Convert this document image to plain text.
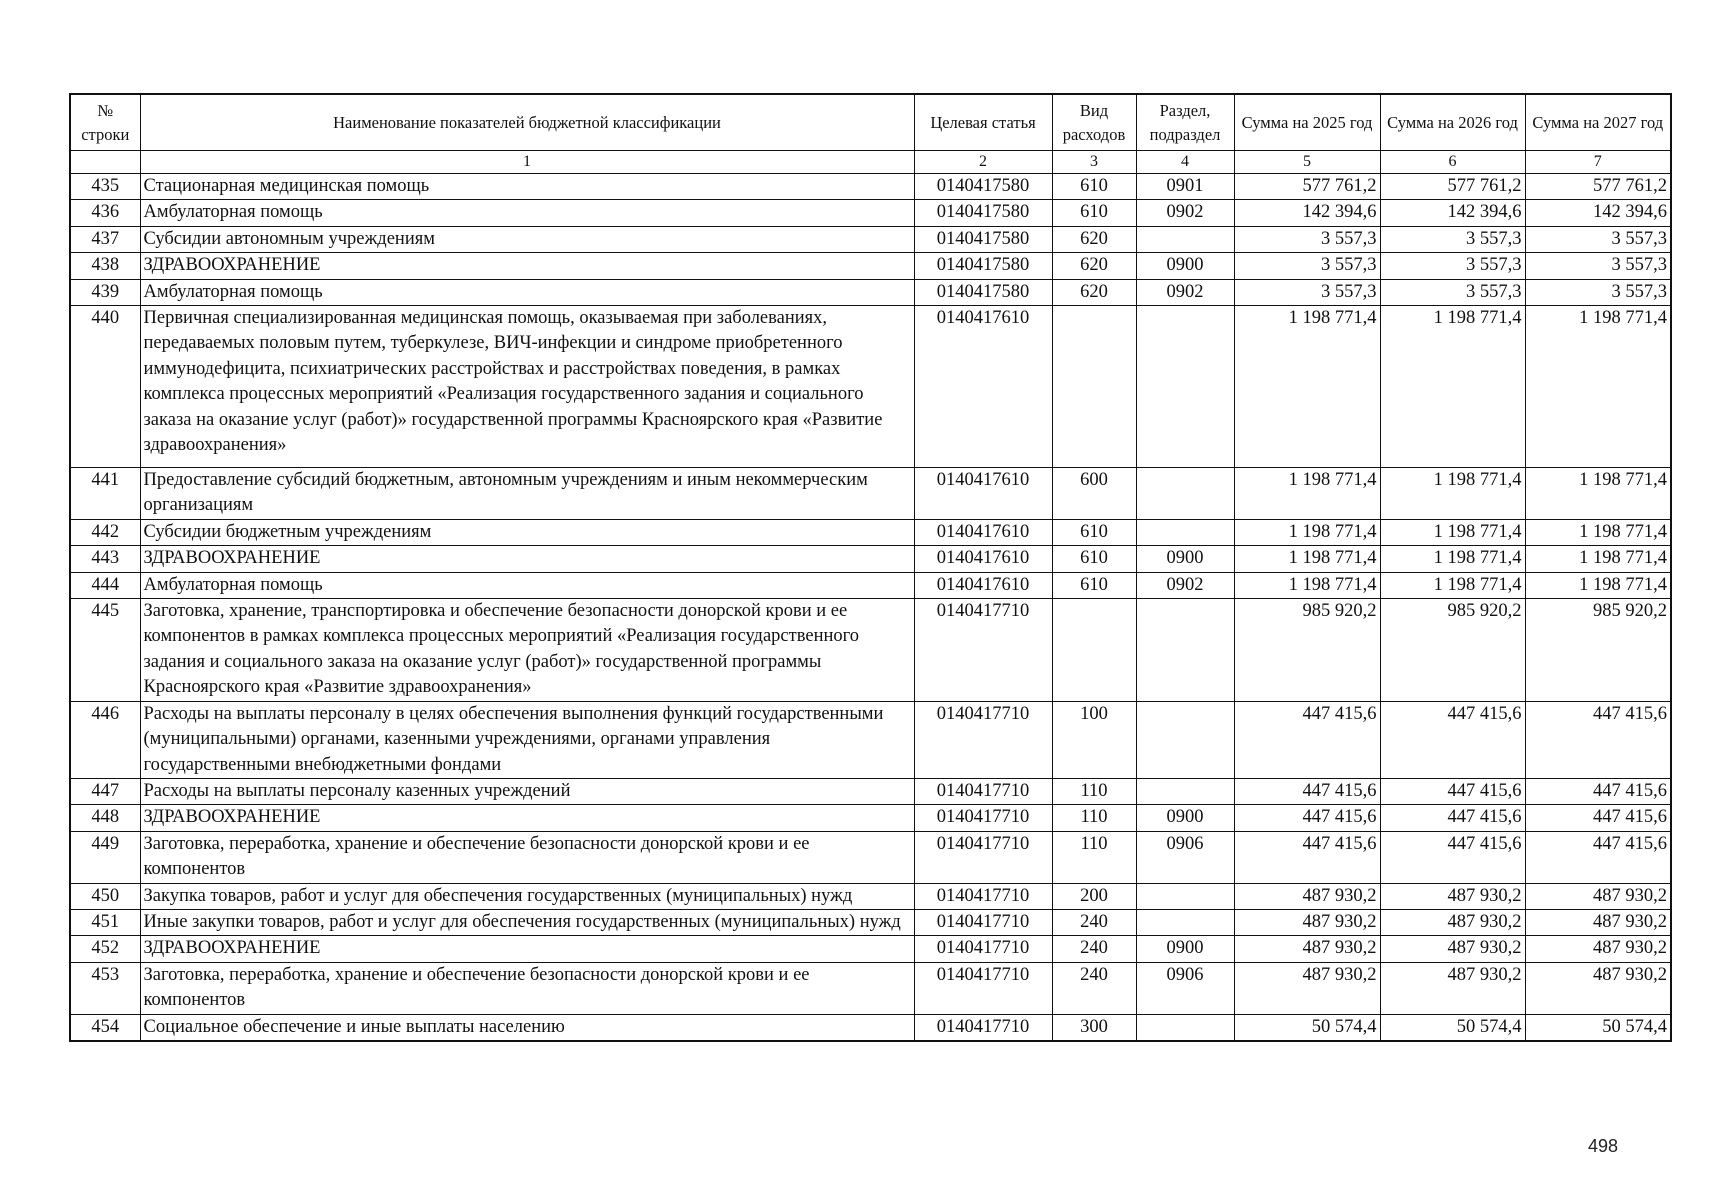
№ строки	Наименование показателей бюджетной классификации	Целевая статья	Вид расходов	Раздел, подраздел	Сумма на 2025 год	Сумма на 2026 год	Сумма на 2027 год
	1	2	3	4	5	6	7
435	Стационарная медицинская помощь	0140417580	610	0901	577 761,2	577 761,2	577 761,2
436	Амбулаторная помощь	0140417580	610	0902	142 394,6	142 394,6	142 394,6
437	Субсидии автономным учреждениям	0140417580	620		3 557,3	3 557,3	3 557,3
438	ЗДРАВООХРАНЕНИЕ	0140417580	620	0900	3 557,3	3 557,3	3 557,3
439	Амбулаторная помощь	0140417580	620	0902	3 557,3	3 557,3	3 557,3
440	Первичная специализированная медицинская помощь, оказываемая при заболеваниях, передаваемых половым путем, туберкулезе, ВИЧ-инфекции и синдроме приобретенного иммунодефицита, психиатрических расстройствах и расстройствах поведения, в рамках комплекса процессных мероприятий «Реализация государственного задания и социального заказа на оказание услуг (работ)» государственной программы Красноярского края «Развитие здравоохранения»	0140417610			1 198 771,4	1 198 771,4	1 198 771,4
441	Предоставление субсидий бюджетным, автономным учреждениям и иным некоммерческим организациям	0140417610	600		1 198 771,4	1 198 771,4	1 198 771,4
442	Субсидии бюджетным учреждениям	0140417610	610		1 198 771,4	1 198 771,4	1 198 771,4
443	ЗДРАВООХРАНЕНИЕ	0140417610	610	0900	1 198 771,4	1 198 771,4	1 198 771,4
444	Амбулаторная помощь	0140417610	610	0902	1 198 771,4	1 198 771,4	1 198 771,4
445	Заготовка, хранение, транспортировка и обеспечение безопасности донорской крови и ее компонентов в рамках комплекса процессных мероприятий «Реализация государственного задания и социального заказа на оказание услуг (работ)» государственной программы Красноярского края «Развитие здравоохранения»	0140417710			985 920,2	985 920,2	985 920,2
446	Расходы на выплаты персоналу в целях обеспечения выполнения функций государственными (муниципальными) органами, казенными учреждениями, органами управления государственными внебюджетными фондами	0140417710	100		447 415,6	447 415,6	447 415,6
447	Расходы на выплаты персоналу казенных учреждений	0140417710	110		447 415,6	447 415,6	447 415,6
448	ЗДРАВООХРАНЕНИЕ	0140417710	110	0900	447 415,6	447 415,6	447 415,6
449	Заготовка, переработка, хранение и обеспечение безопасности донорской крови и ее компонентов	0140417710	110	0906	447 415,6	447 415,6	447 415,6
450	Закупка товаров, работ и услуг для обеспечения государственных (муниципальных) нужд	0140417710	200		487 930,2	487 930,2	487 930,2
451	Иные закупки товаров, работ и услуг для обеспечения государственных (муниципальных) нужд	0140417710	240		487 930,2	487 930,2	487 930,2
452	ЗДРАВООХРАНЕНИЕ	0140417710	240	0900	487 930,2	487 930,2	487 930,2
453	Заготовка, переработка, хранение и обеспечение безопасности донорской крови и ее компонентов	0140417710	240	0906	487 930,2	487 930,2	487 930,2
454	Социальное обеспечение и иные выплаты населению	0140417710	300		50 574,4	50 574,4	50 574,4
498
